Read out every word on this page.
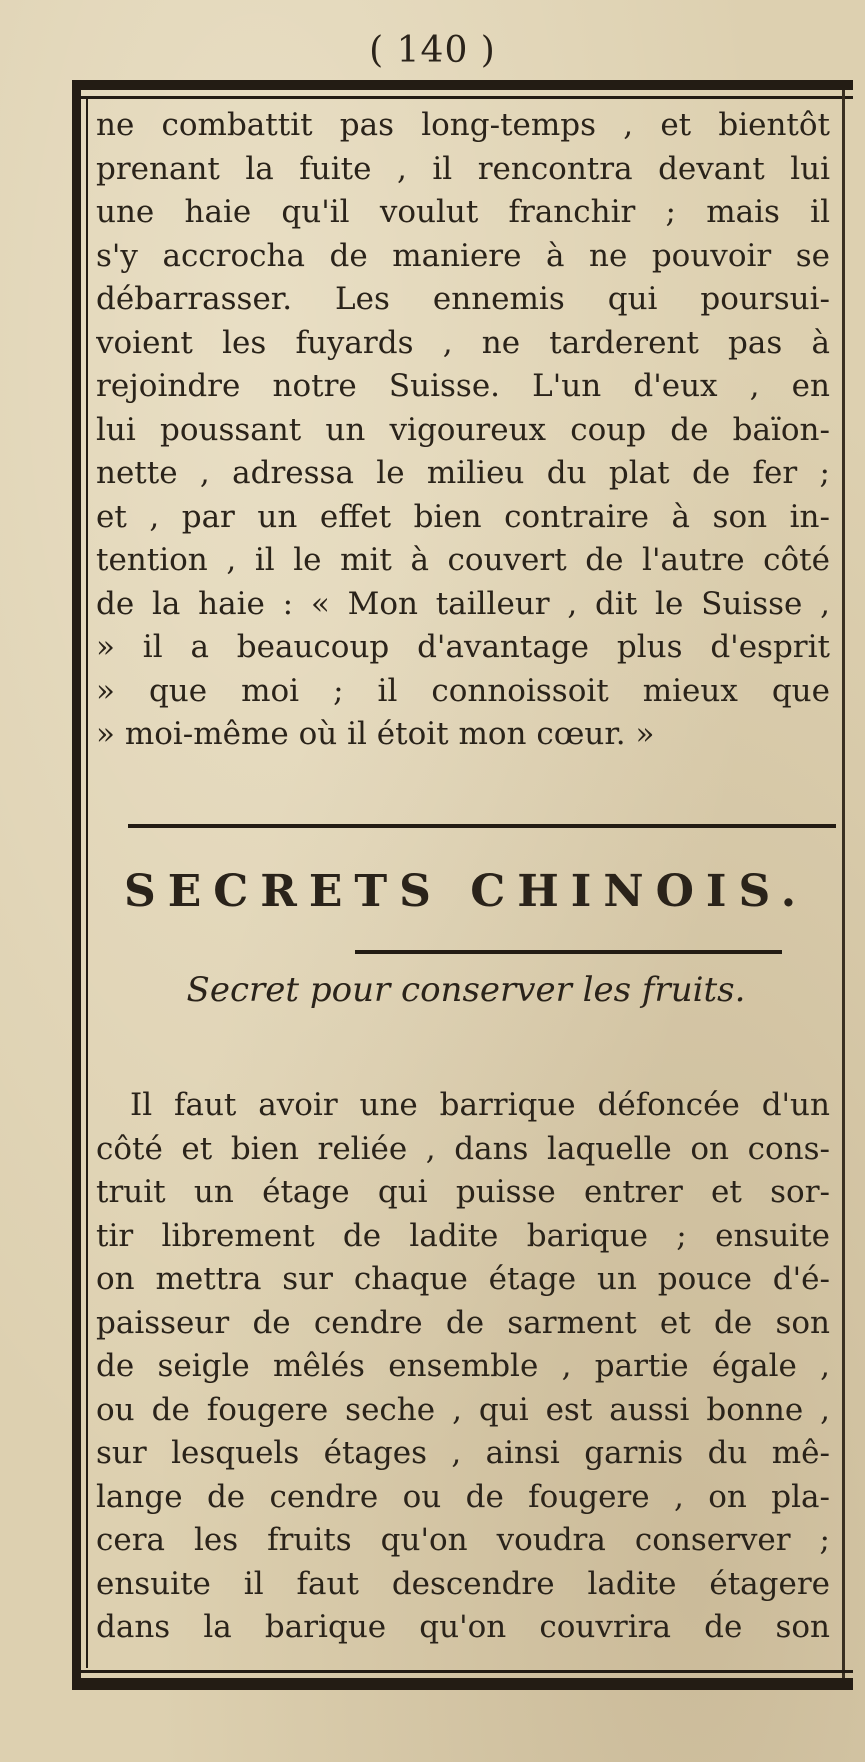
( 140 )
ne combattit pas long-temps , et bientôt
prenant la fuite , il rencontra devant lui
une haie qu'il voulut franchir ; mais il
s'y accrocha de maniere à ne pouvoir se
débarrasser. Les ennemis qui poursui-
voient les fuyards , ne tarderent pas à
rejoindre notre Suisse. L'un d'eux , en
lui poussant un vigoureux coup de baïon-
nette , adressa le milieu du plat de fer ;
et , par un effet bien contraire à son in-
tention , il le mit à couvert de l'autre côté
de la haie : « Mon tailleur , dit le Suisse ,
» il a beaucoup d'avantage plus d'esprit
» que moi ; il connoissoit mieux que
» moi-même où il étoit mon cœur. »
SECRETS CHINOIS.
Secret pour conserver les fruits.
Il faut avoir une barrique défoncée d'un
côté et bien reliée , dans laquelle on cons-
truit un étage qui puisse entrer et sor-
tir librement de ladite barique ; ensuite
on mettra sur chaque étage un pouce d'é-
paisseur de cendre de sarment et de son
de seigle mêlés ensemble , partie égale ,
ou de fougere seche , qui est aussi bonne ,
sur lesquels étages , ainsi garnis du mê-
lange de cendre ou de fougere , on pla-
cera les fruits qu'on voudra conserver ;
ensuite il faut descendre ladite étagere
dans la barique qu'on couvrira de son
